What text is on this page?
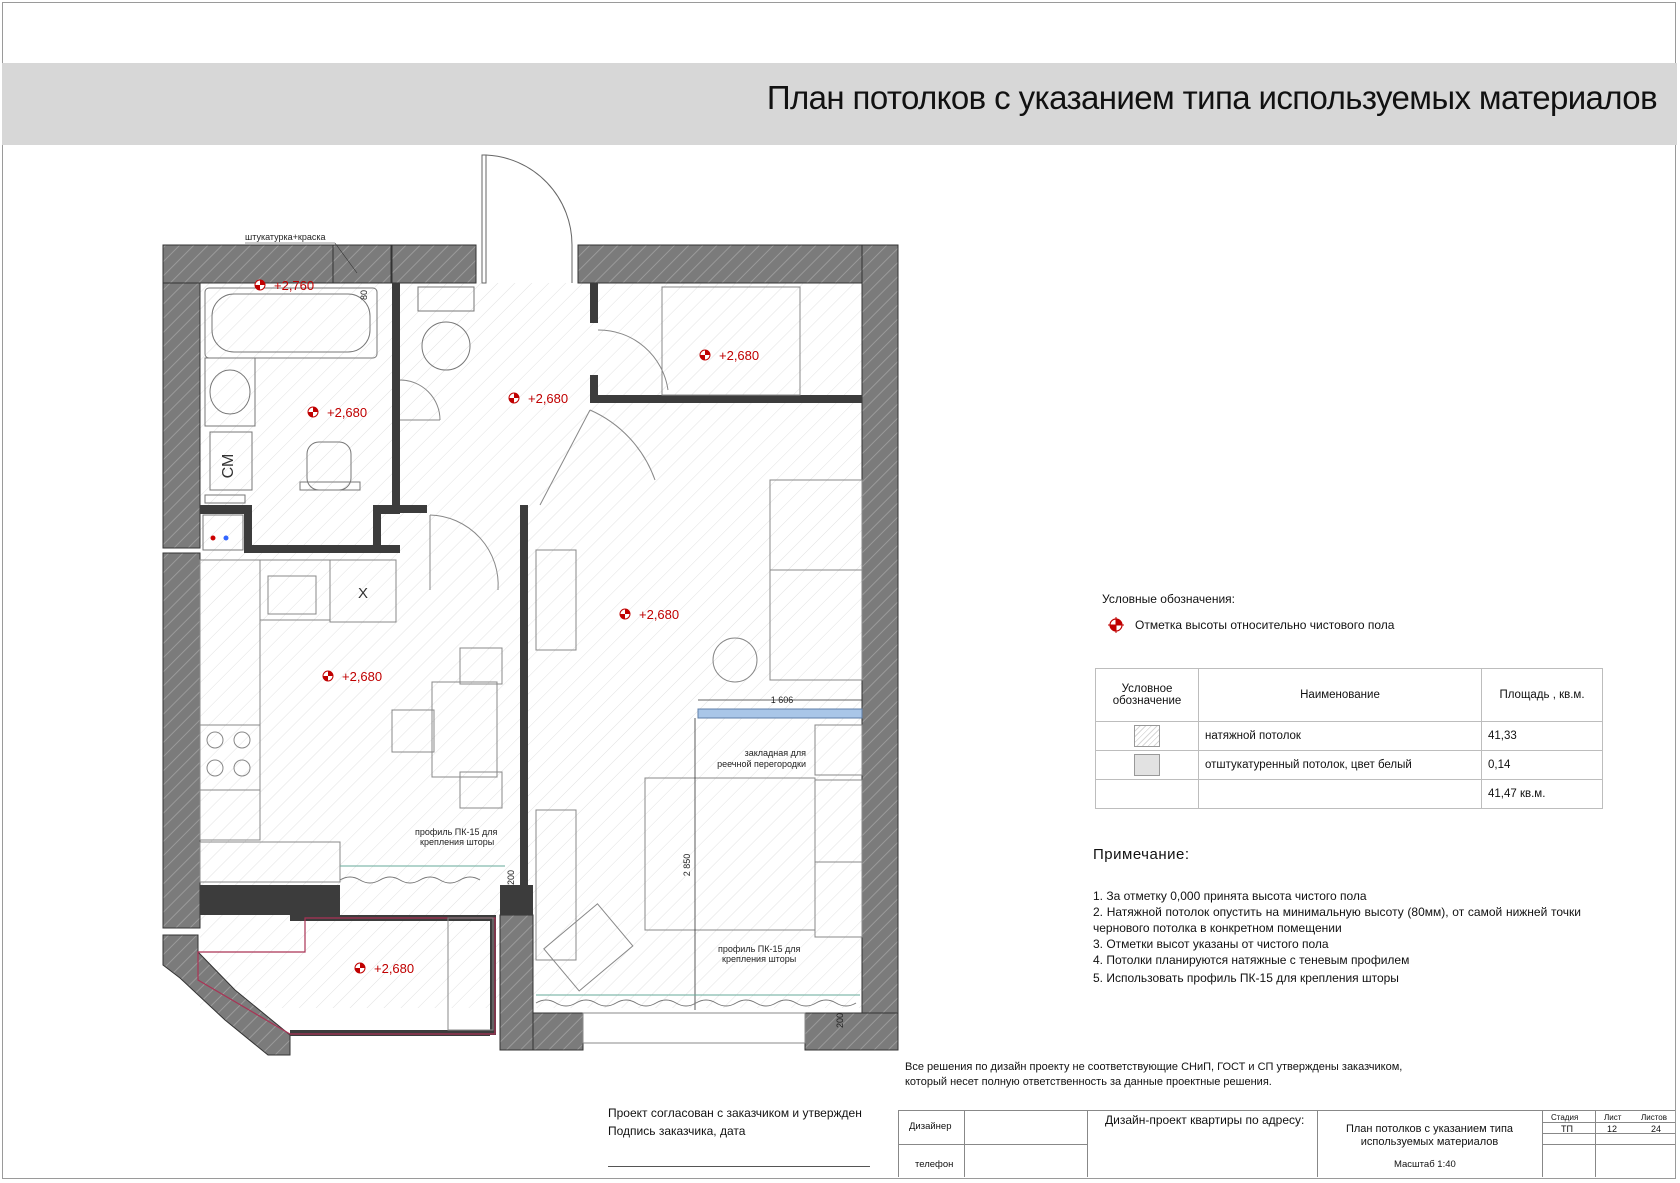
План потолков с указанием типа используемых материалов
СМ
Х
1 606
2 850
80
200
200
штукатурка+краска
закладная для
реечной перегородки
профиль ПК-15 для
крепления шторы
профиль ПК-15 для
крепления шторы
+2,760
+2,680
+2,680
+2,680
+2,680
+2,680
+2,680
Условные обозначения:
Отметка высоты относительно чистового пола
Условное обозначение	Наименование	Площадь , кв.м.

	натяжной потолок	41,33

	отштукатуренный потолок, цвет белый	0,14
		41,47 кв.м.
Примечание:
1. За отметку 0,000 принята высота чистого пола
2. Натяжной потолок опустить на минимальную высоту (80мм), от самой нижней точки чернового потолка в конкретном помещении
3. Отметки высот указаны от чистого пола
4. Потолки планируются натяжные с теневым профилем
5. Использовать профиль ПК-15 для крепления шторы
Все решения по дизайн проекту не соответствующие СНиП, ГОСТ и СП утверждены заказчиком,
который несет полную ответственность за данные проектные решения.
Проект согласован с заказчиком и утвержден
Подпись заказчика, дата	Дизайнер
телефон
Дизайн-проект квартиры по адресу:
План потолков с указанием типа используемых материалов
Масштаб 1:40
Стадия	Лист Листов
ТП	12	24
